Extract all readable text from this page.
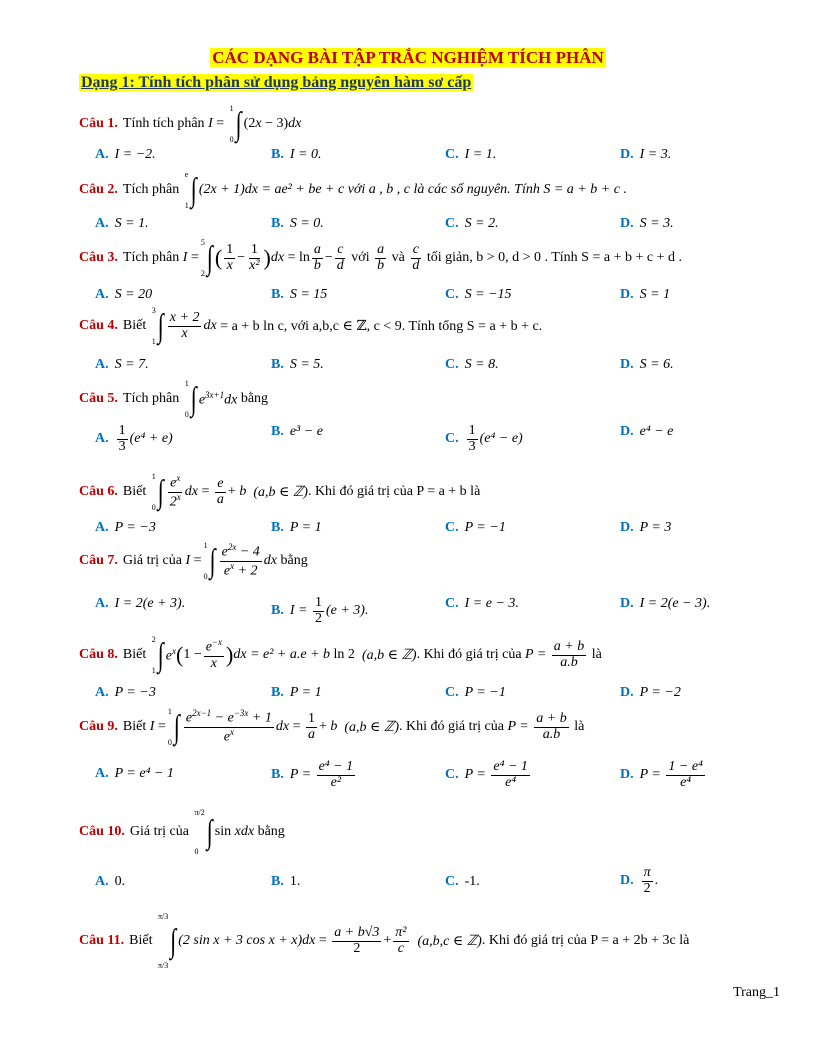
CÁC DẠNG BÀI TẬP TRẮC NGHIỆM TÍCH PHÂN
Dạng 1: Tính tích phân sử dụng bảng nguyên hàm sơ cấp
Câu 1. Tính tích phân
I =
1
0 ∫ (2x − 3)dx
A. I = −2.	B. I = 0.	C. I = 1.	D. I = 3.
Câu 2. Tích phân

e
1 ∫ (2x + 1)dx = ae² + be + c
với a , b , c là các số nguyên. Tính S = a + b + c .
A. S = 1.	B. S = 0.	C. S = 2.	D. S = 3.
Câu 3. Tích phân
I =
5
2 ∫ ( $\frac{1}{x} - \frac{1}{\text{x²}}$ ) dx = $\ln \frac{a}{b} - \frac{c}{d}$
với
$\frac{a}{b}$
và
$\frac{c}{d}$
tối giản, b > 0, d > 0 . Tính S = a + b + c + d .
A. S = 20	B. S = 15	C. S = −15	D. S = 1
Câu 4. Biết

3
1 ∫ $\frac{x + 2}{x}$ dx
= a + b ln c, với a,b,c ∈ ℤ, c < 9. Tính tổng S = a + b + c.
A. S = 7.	B. S = 5.	C. S = 8.	D. S = 6.
Câu 5. Tích phân

1
0 ∫ $e^{3x+1}dx$
bằng
A. $\frac{1}{3} (e^4 + e)$	B. e³ − e	C. $\frac{1}{3} (e^4 - e)$	D. e⁴ − e
Câu 6. Biết

1
0 ∫ $\frac{e^x}{2^x}$ dx = $\frac{e}{a} + b$
(a,b ∈ ℤ) . Khi đó giá trị của P = a + b là
A. P = −3	B. P = 1	C. P = −1	D. P = 3
Câu 7. Giá trị của
I =
1
0 ∫ $\frac{e^{2x} - 4}{e^x + 2}$ dx
bằng
A. I = 2(e + 3).	B. I =
$\frac{1}{2} (e + 3)$.	C. I = e − 3.	D. I = 2(e − 3).
Câu 8. Biết

2
1 ∫ $e^x$ ( $1 - \frac{e^{-x}}{x}$ ) dx = e² + a.e + b ln 2 (a,b ∈ ℤ) . Khi đó giá trị của
P =
$\frac{a + b}{a.b}$
là
A. P = −3	B. P = 1	C. P = −1	D. P = −2
Câu 9. Biết
I =
1
0 ∫ $\frac{e^{2x-1} - e^{-3x} + 1}{e^x}$ dx = $\frac{1}{a} + b$
(a,b ∈ ℤ) . Khi đó giá trị của
P =
$\frac{a + b}{a.b}$
là
A. P = e⁴ − 1	B. P =
$\frac{\text{e⁴ − 1}}{\text{e²}}$	C. P =
$\frac{\text{e⁴ − 1}}{\text{e⁴}}$	D. P =
$\frac{\text{1 − e⁴}}{\text{e⁴}}$
Câu 10. Giá trị của

π/2
0
∫ sin xdx
bằng
A. 0.	B. 1.	C. -1.	D. $\frac{\pi}{2}$ .
Câu 11. Biết

π/3
π/3
∫ (2 sin x + 3 $\cos x + x)dx = \frac{a + b√3}{2} + \frac{\text{π²}}{c}$
(a,b,c ∈ ℤ) . Khi đó giá trị của P = a + 2b + 3c là
Trang_1
